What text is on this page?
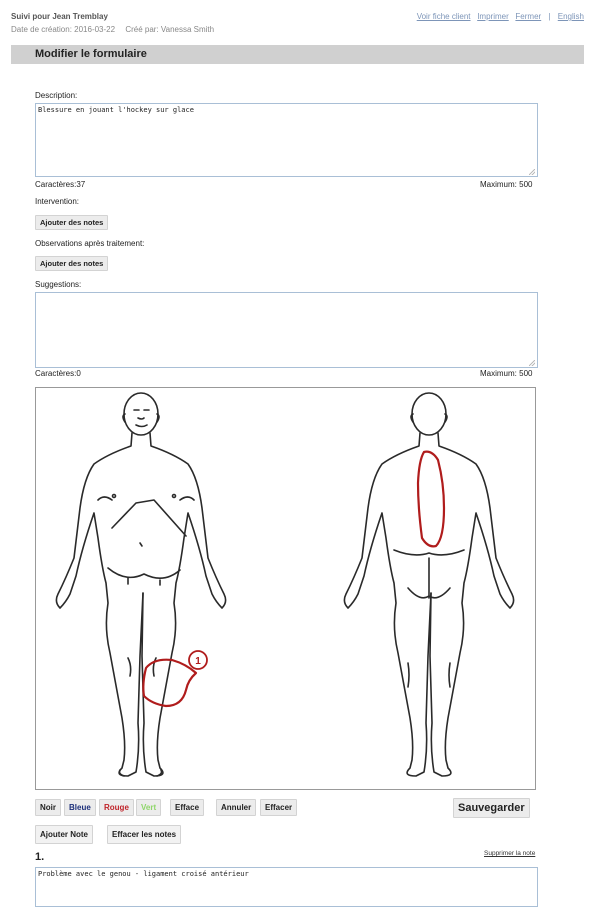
Suivi pour Jean Tremblay
Date de création: 2016-03-22 Créé par: Vanessa Smith
Voir fiche client Imprimer Fermer | English
Modifier le formulaire
Description:
Blessure en jouant l'hockey sur glace
Caractères:37	Maximum: 500
Intervention:
Ajouter des notes
Observations après traitement:
Ajouter des notes
Suggestions:
Caractères:0	Maximum: 500
1
Noir	Bleue	Rouge	Vert	Efface	Annuler	Effacer	Sauvegarder
Ajouter Note	Effacer les notes
1.	Supprimer la note
Problème avec le genou - ligament croisé antérieur
